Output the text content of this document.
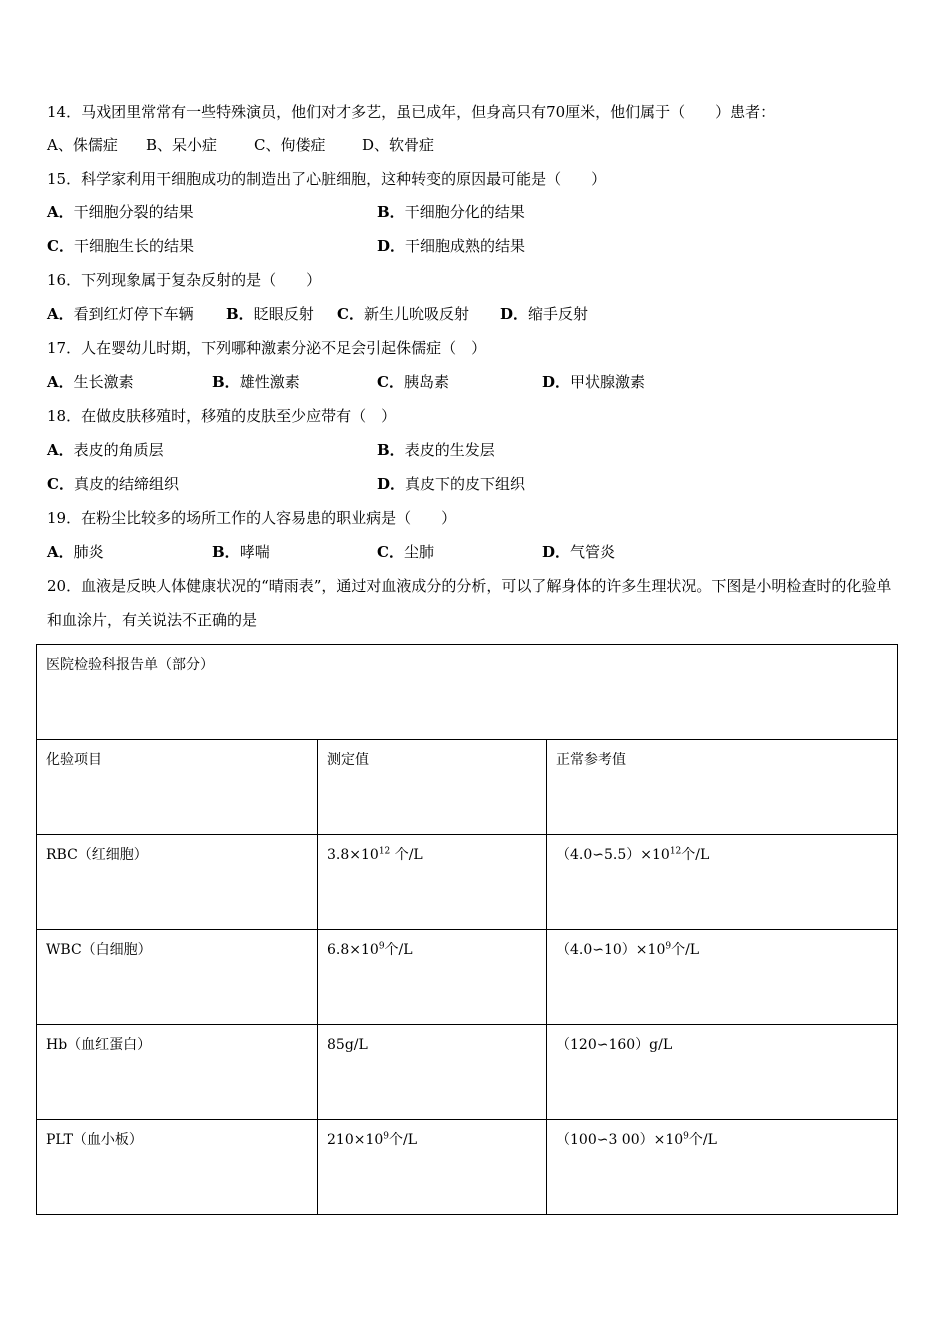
14．马戏团里常常有一些特殊演员，他们对才多艺，虽已成年，但身高只有70厘米，他们属于（　　）患者：
A、侏儒症 B、呆小症 C、佝偻症 D、软骨症
15．科学家利用干细胞成功的制造出了心脏细胞，这种转变的原因最可能是（　　）
A．干细胞分裂的结果	B．干细胞分化的结果
C．干细胞生长的结果	D．干细胞成熟的结果
16．下列现象属于复杂反射的是（　　）
A．看到红灯停下车辆 B．眨眼反射 C．新生儿吮吸反射 D．缩手反射
17．人在婴幼儿时期，下列哪种激素分泌不足会引起侏儒症（　）
A．生长激素	B．雄性激素	C．胰岛素	D．甲状腺激素
18．在做皮肤移殖时，移殖的皮肤至少应带有（　）
A．表皮的角质层	B．表皮的生发层
C．真皮的结缔组织	D．真皮下的皮下组织
19．在粉尘比较多的场所工作的人容易患的职业病是（　　）
A．肺炎	B．哮喘	C．尘肺	D．气管炎
20．血液是反映人体健康状况的“晴雨表”，通过对血液成分的分析，可以了解身体的许多生理状况。下图是小明检查时的化验单和血涂片，有关说法不正确的是
医院检验科报告单（部分）		
化验项目	测定值	正常参考值
RBC（红细胞）	$3.8\times 10^{12}$ 个/L	$(4.0∽5.5)\times 10^{12}$个/L
WBC（白细胞）	$6.8\times 10^9$个/L	$(4.0∽10)\times 10^9$个/L
Hb（血红蛋白）	85g/L	（120∽160）g/L
PLT（血小板）	$210\times 10^9$个/L	（100∽3 $00)\times 10^9$个/L
